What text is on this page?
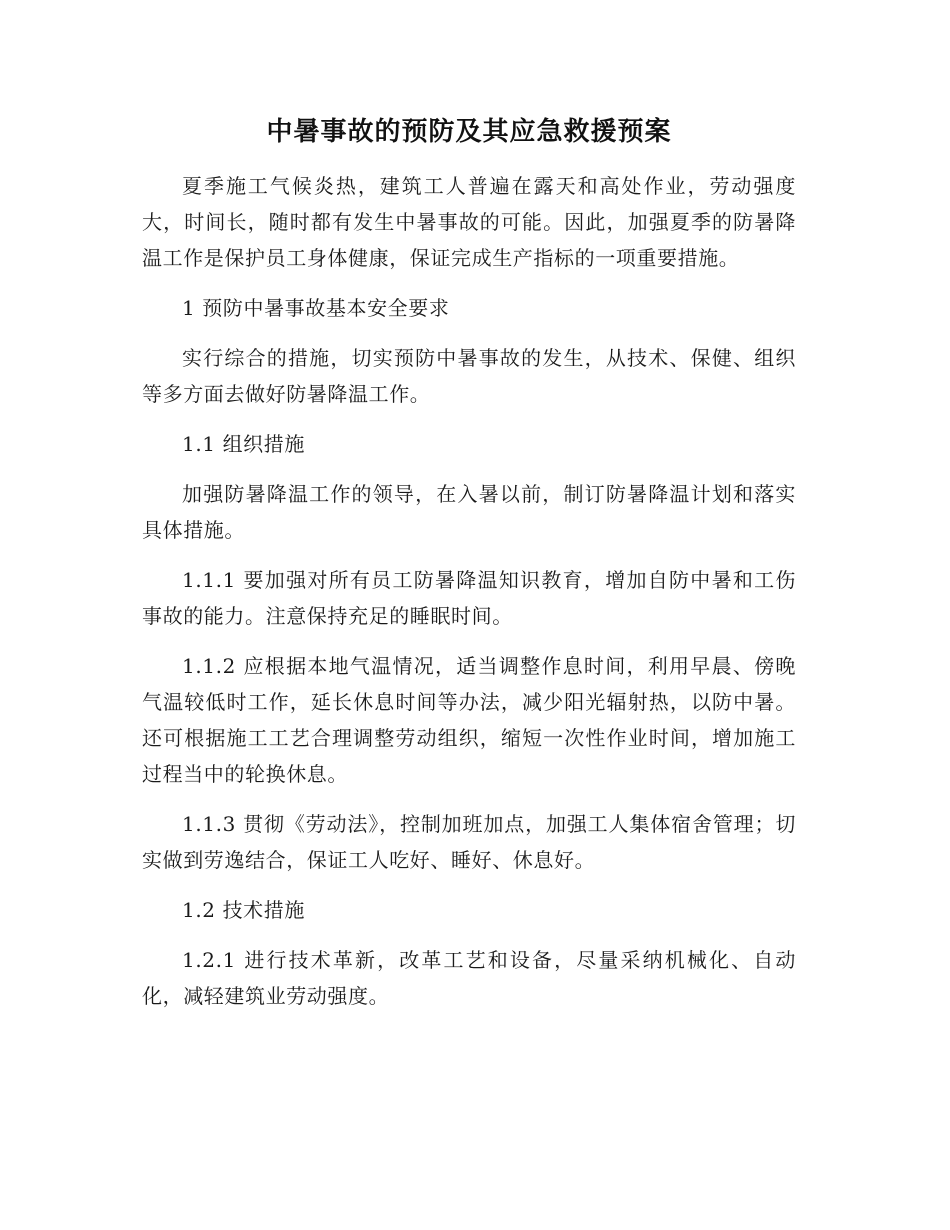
中暑事故的预防及其应急救援预案

夏季施工气候炎热，建筑工人普遍在露天和高处作业，劳动强度大，时间长，随时都有发生中暑事故的可能。因此，加强夏季的防暑降温工作是保护员工身体健康，保证完成生产指标的一项重要措施。

1 预防中暑事故基本安全要求

实行综合的措施，切实预防中暑事故的发生，从技术、保健、组织等多方面去做好防暑降温工作。

1.1 组织措施

加强防暑降温工作的领导，在入暑以前，制订防暑降温计划和落实具体措施。

1.1.1 要加强对所有员工防暑降温知识教育，增加自防中暑和工伤事故的能力。注意保持充足的睡眠时间。

1.1.2 应根据本地气温情况，适当调整作息时间，利用早晨、傍晚气温较低时工作，延长休息时间等办法，减少阳光辐射热，以防中暑。还可根据施工工艺合理调整劳动组织，缩短一次性作业时间，增加施工过程当中的轮换休息。

1.1.3 贯彻《劳动法》，控制加班加点，加强工人集体宿舍管理；切实做到劳逸结合，保证工人吃好、睡好、休息好。

1.2 技术措施

1.2.1 进行技术革新，改革工艺和设备，尽量采纳机械化、自动化，减轻建筑业劳动强度。
